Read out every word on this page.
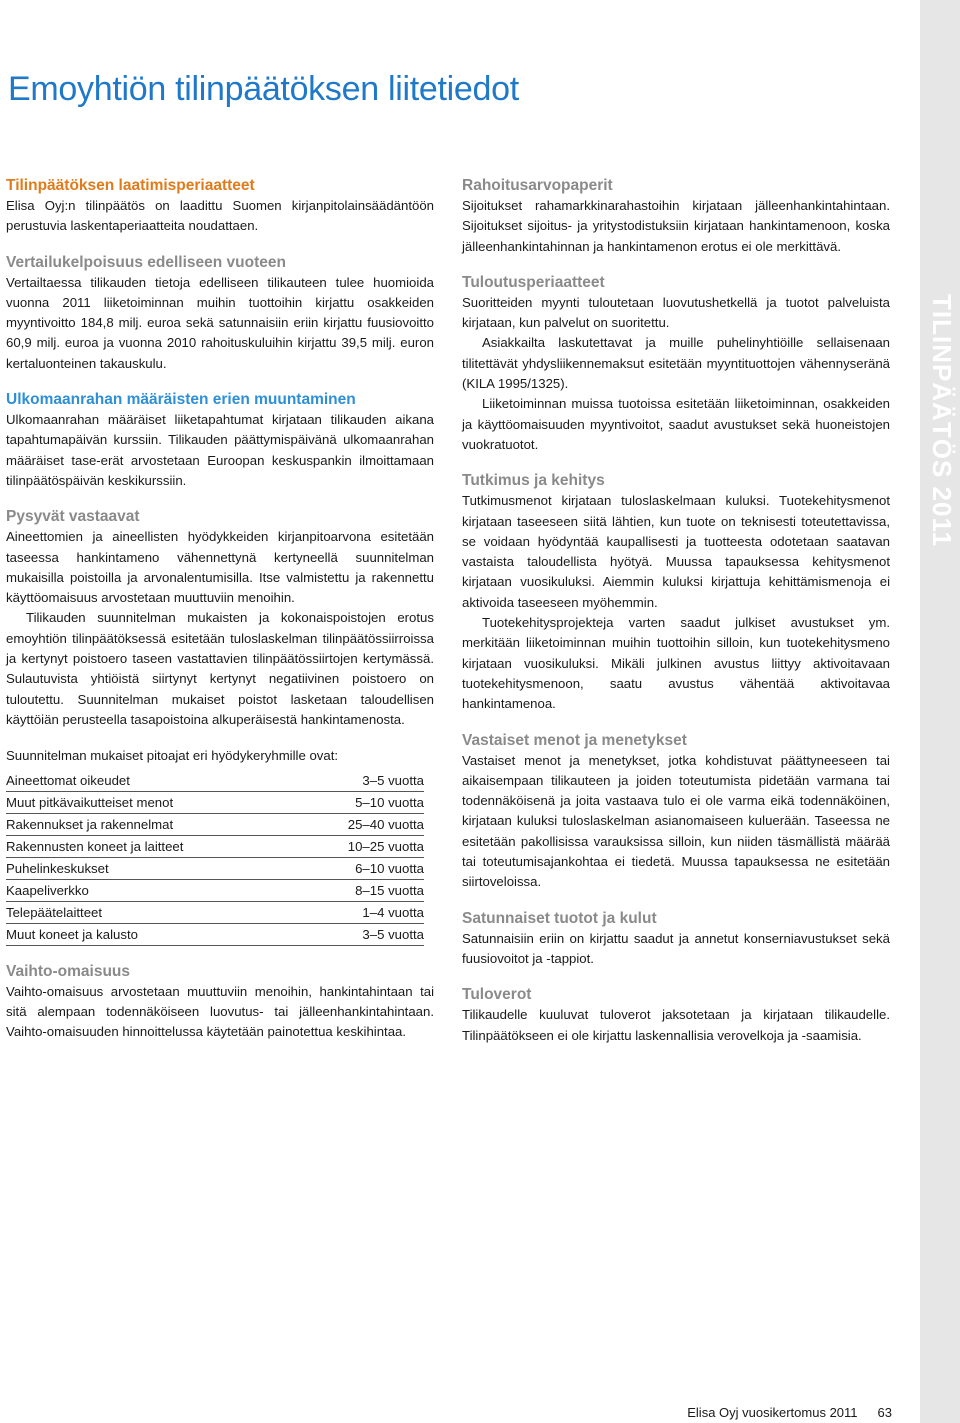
TILINPÄÄTÖS 2011
Emoyhtiön tilinpäätöksen liitetiedot
Tilinpäätöksen laatimisperiaatteet

Elisa Oyj:n tilinpäätös on laadittu Suomen kirjanpitolainsäädäntöön perustuvia laskentaperiaatteita noudattaen.

Vertailukelpoisuus edelliseen vuoteen

Vertailtaessa tilikauden tietoja edelliseen tilikauteen tulee huomioida vuonna 2011 liiketoiminnan muihin tuottoihin kirjattu osakkeiden myyntivoitto 184,8 milj. euroa sekä satunnaisiin eriin kirjattu fuusiovoitto 60,9 milj. euroa ja vuonna 2010 rahoituskuluihin kirjattu 39,5 milj. euron kertaluonteinen takauskulu.

Ulkomaanrahan määräisten erien muuntaminen

Ulkomaanrahan määräiset liiketapahtumat kirjataan tilikauden aikana tapahtumapäivän kurssiin. Tilikauden päättymispäivänä ulkomaanrahan määräiset tase-erät arvostetaan Euroopan keskuspankin ilmoittamaan tilinpäätöspäivän keskikurssiin.

Pysyvät vastaavat

Aineettomien ja aineellisten hyödykkeiden kirjanpitoarvona esitetään taseessa hankintameno vähennettynä kertyneellä suunnitelman mukaisilla poistoilla ja arvonalentumisilla. Itse valmistettu ja rakennettu käyttöomaisuus arvostetaan muuttuviin menoihin.

Tilikauden suunnitelman mukaisten ja kokonaispoistojen erotus emoyhtiön tilinpäätöksessä esitetään tuloslaskelman tilinpäätössiirroissa ja kertynyt poistoero taseen vastattavien tilinpäätössiirtojen kertymässä. Sulautuvista yhtiöistä siirtynyt kertynyt negatiivinen poistoero on tuloutettu. Suunnitelman mukaiset poistot lasketaan taloudellisen käyttöiän perusteella tasapoistoina alkuperäisestä hankintamenosta.

Suunnitelman mukaiset pitoajat eri hyödykeryhmille ovat:

Aineettomat oikeudet	3–5 vuotta
Muut pitkävaikutteiset menot	5–10 vuotta
Rakennukset ja rakennelmat	25–40 vuotta
Rakennusten koneet ja laitteet	10–25 vuotta
Puhelinkeskukset	6–10 vuotta
Kaapeliverkko	8–15 vuotta
Telepäätelaitteet	1–4 vuotta
Muut koneet ja kalusto	3–5 vuotta
Vaihto-omaisuus

Vaihto-omaisuus arvostetaan muuttuviin menoihin, hankintahintaan tai sitä alempaan todennäköiseen luovutus- tai jälleenhankintahintaan. Vaihto-omaisuuden hinnoittelussa käytetään painotettua keskihintaa.

Rahoitusarvopaperit

Sijoitukset rahamarkkinarahastoihin kirjataan jälleenhankintahintaan. Sijoitukset sijoitus- ja yritystodistuksiin kirjataan hankintamenoon, koska jälleenhankintahinnan ja hankintamenon erotus ei ole merkittävä.

Tuloutusperiaatteet

Suoritteiden myynti tuloutetaan luovutushetkellä ja tuotot palveluista kirjataan, kun palvelut on suoritettu.

Asiakkailta laskutettavat ja muille puhelinyhtiöille sellaisenaan tilitettävät yhdysliikennemaksut esitetään myyntituottojen vähennyseränä (KILA 1995/1325).

Liiketoiminnan muissa tuotoissa esitetään liiketoiminnan, osakkeiden ja käyttöomaisuuden myyntivoitot, saadut avustukset sekä huoneistojen vuokratuotot.

Tutkimus ja kehitys

Tutkimusmenot kirjataan tuloslaskelmaan kuluksi. Tuotekehitysmenot kirjataan taseeseen siitä lähtien, kun tuote on teknisesti toteutettavissa, se voidaan hyödyntää kaupallisesti ja tuotteesta odotetaan saatavan vastaista taloudellista hyötyä. Muussa tapauksessa kehitysmenot kirjataan vuosikuluksi. Aiemmin kuluksi kirjattuja kehittämismenoja ei aktivoida taseeseen myöhemmin.

Tuotekehitysprojekteja varten saadut julkiset avustukset ym. merkitään liiketoiminnan muihin tuottoihin silloin, kun tuotekehitysmeno kirjataan vuosikuluksi. Mikäli julkinen avustus liittyy aktivoitavaan tuotekehitysmenoon, saatu avustus vähentää aktivoitavaa hankintamenoa.

Vastaiset menot ja menetykset

Vastaiset menot ja menetykset, jotka kohdistuvat päättyneeseen tai aikaisempaan tilikauteen ja joiden toteutumista pidetään varmana tai todennäköisenä ja joita vastaava tulo ei ole varmа eikä todennäköinen, kirjataan kuluksi tuloslaskelman asianomaiseen kuluerään. Taseessa ne esitetään pakollisissa varauksissa silloin, kun niiden täsmällistä määrää tai toteutumisajankohtaa ei tiedetä. Muussa tapauksessa ne esitetään siirtoveloissa.

Satunnaiset tuotot ja kulut

Satunnaisiin eriin on kirjattu saadut ja annetut konserniavustukset sekä fuusiovoitot ja -tappiot.

Tuloverot

Tilikaudelle kuuluvat tuloverot jaksotetaan ja kirjataan tilikaudelle. Tilinpäätökseen ei ole kirjattu laskennallisia verovelkoja ja -saamisia.

Elisa Oyj vuosikertomus 2011 63
